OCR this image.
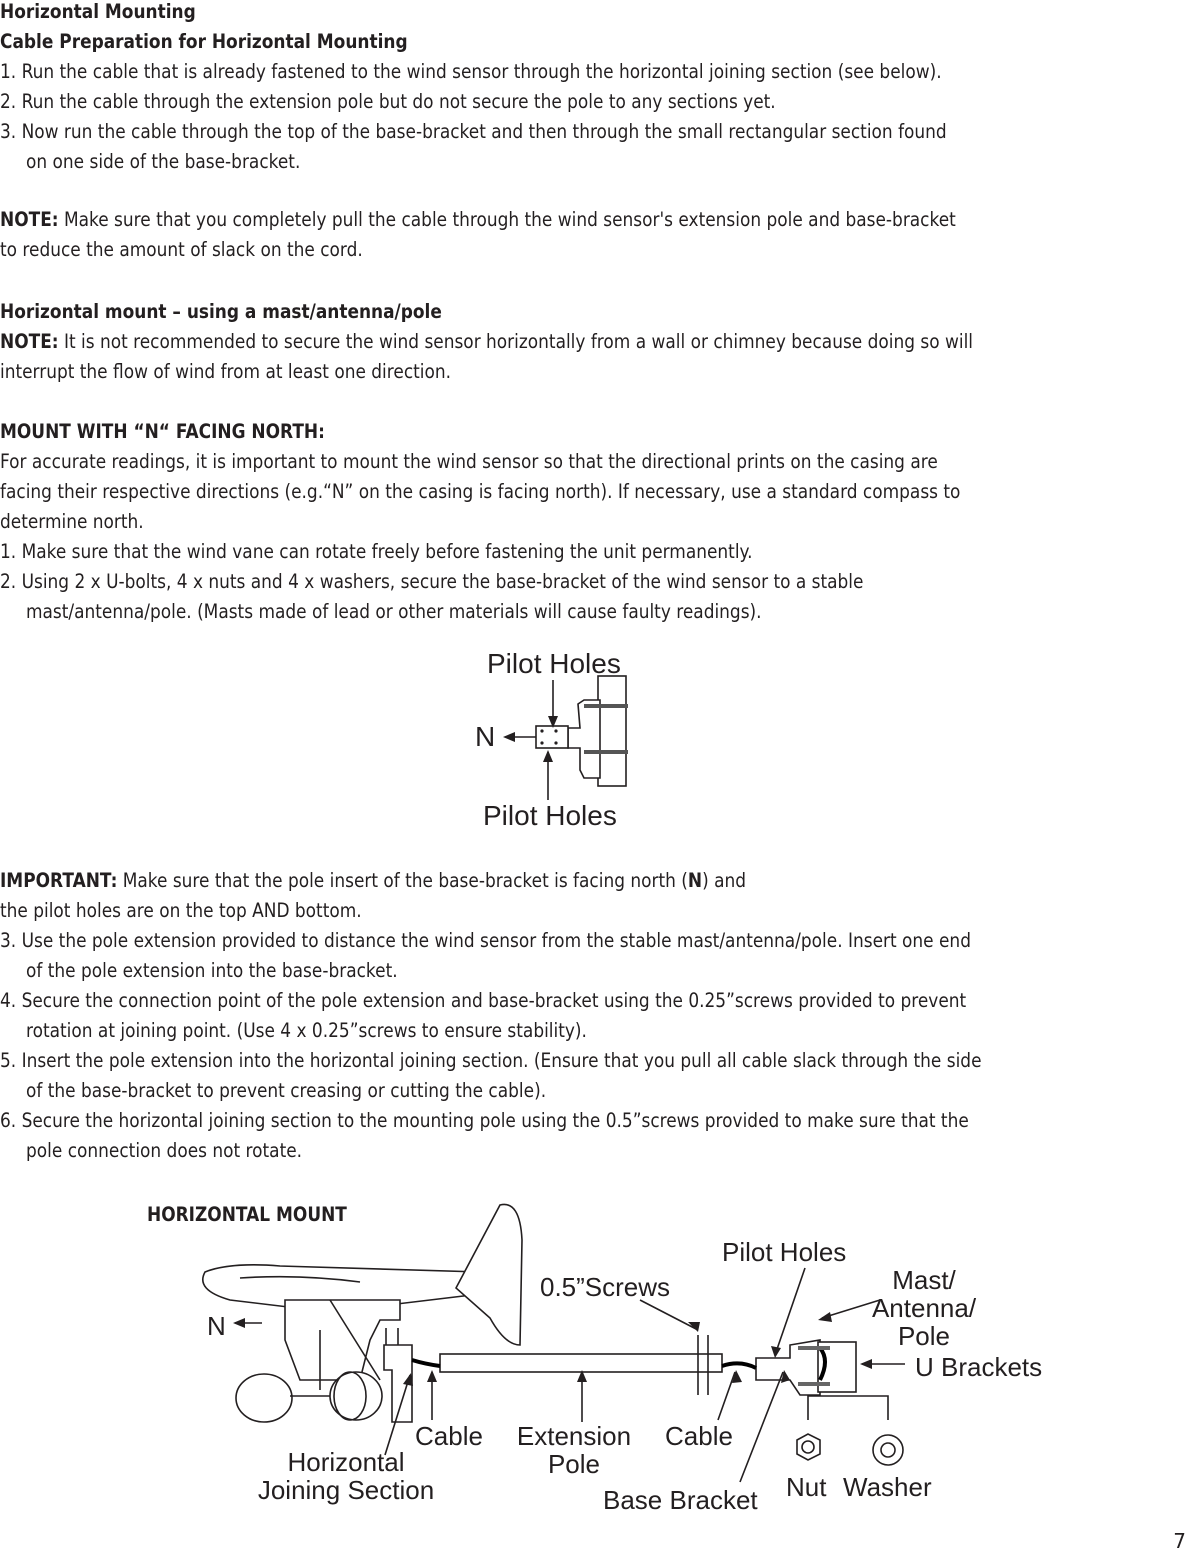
Horizontal Mounting

Cable Preparation for Horizontal Mounting

1. Run the cable that is already fastened to the wind sensor through the horizontal joining section (see below).

2. Run the cable through the extension pole but do not secure the pole to any sections yet.

3. Now run the cable through the top of the base-bracket and then through the small rectangular section found

on one side of the base-bracket.

NOTE: Make sure that you completely pull the cable through the wind sensor's extension pole and base-bracket

to reduce the amount of slack on the cord.

Horizontal mount – using a mast/antenna/pole

NOTE: It is not recommended to secure the wind sensor horizontally from a wall or chimney because doing so will

interrupt the flow of wind from at least one direction.

MOUNT WITH “N“ FACING NORTH:

For accurate readings, it is important to mount the wind sensor so that the directional prints on the casing are

facing their respective directions (e.g.“N” on the casing is facing north). If necessary, use a standard compass to

determine north.

1. Make sure that the wind vane can rotate freely before fastening the unit permanently.

2. Using 2 x U-bolts, 4 x nuts and 4 x washers, secure the base-bracket of the wind sensor to a stable

mast/antenna/pole. (Masts made of lead or other materials will cause faulty readings).

IMPORTANT: Make sure that the pole insert of the base-bracket is facing north (N) and

the pilot holes are on the top AND bottom.

3. Use the pole extension provided to distance the wind sensor from the stable mast/antenna/pole. Insert one end

of the pole extension into the base-bracket.

4. Secure the connection point of the pole extension and base-bracket using the 0.25”screws provided to prevent

rotation at joining point. (Use 4 x 0.25”screws to ensure stability).

5. Insert the pole extension into the horizontal joining section. (Ensure that you pull all cable slack through the side

of the base-bracket to prevent creasing or cutting the cable).

6. Secure the horizontal joining section to the mounting pole using the 0.5”screws provided to make sure that the

pole connection does not rotate.

Pilot Holes
N
Pilot Holes
HORIZONTAL MOUNT
N
0.5”Screws
Pilot Holes
Mast/
Antenna/
Pole
U Brackets
Cable Extension
Pole
Cable
Horizontal
Joining Section	Base Bracket Nut Washer
7
